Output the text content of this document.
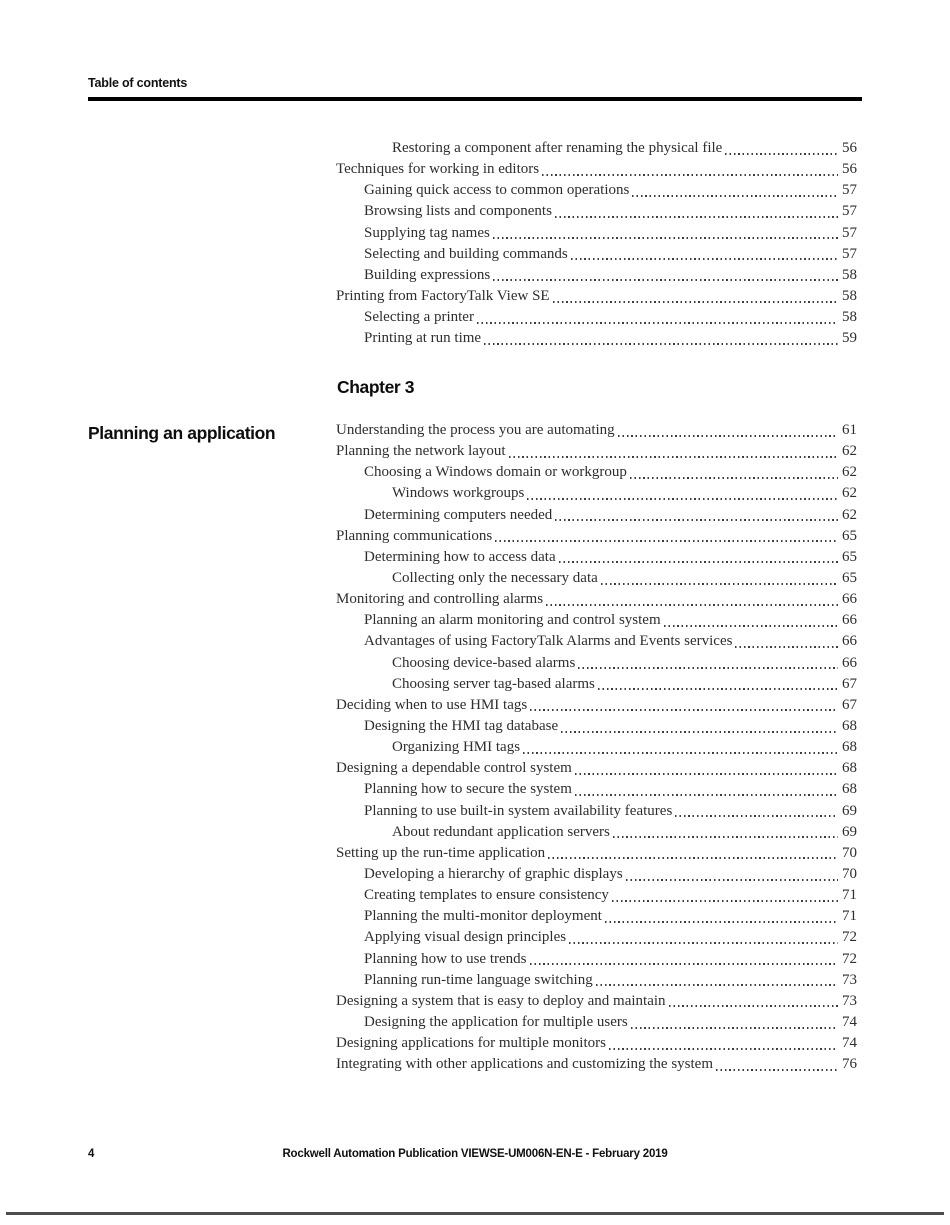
Table of contents
Restoring a component after renaming the physical file	56
Techniques for working in editors	56
Gaining quick access to common operations	57
Browsing lists and components	57
Supplying tag names	57
Selecting and building commands	57
Building expressions	58
Printing from FactoryTalk View SE	58
Selecting a printer	58
Printing at run time	59
Chapter 3
Planning an application	Understanding the process you are automating	61
Planning the network layout	62
Choosing a Windows domain or workgroup	62
Windows workgroups	62
Determining computers needed	62
Planning communications	65
Determining how to access data	65
Collecting only the necessary data	65
Monitoring and controlling alarms	66
Planning an alarm monitoring and control system	66
Advantages of using FactoryTalk Alarms and Events services	66
Choosing device-based alarms	66
Choosing server tag-based alarms	67
Deciding when to use HMI tags	67
Designing the HMI tag database	68
Organizing HMI tags	68
Designing a dependable control system	68
Planning how to secure the system	68
Planning to use built-in system availability features	69
About redundant application servers	69
Setting up the run-time application	70
Developing a hierarchy of graphic displays	70
Creating templates to ensure consistency	71
Planning the multi-monitor deployment	71
Applying visual design principles	72
Planning how to use trends	72
Planning run-time language switching	73
Designing a system that is easy to deploy and maintain	73
Designing the application for multiple users	74
Designing applications for multiple monitors	74
Integrating with other applications and customizing the system	76
4	Rockwell Automation Publication VIEWSE-UM006N-EN-E - February 2019
